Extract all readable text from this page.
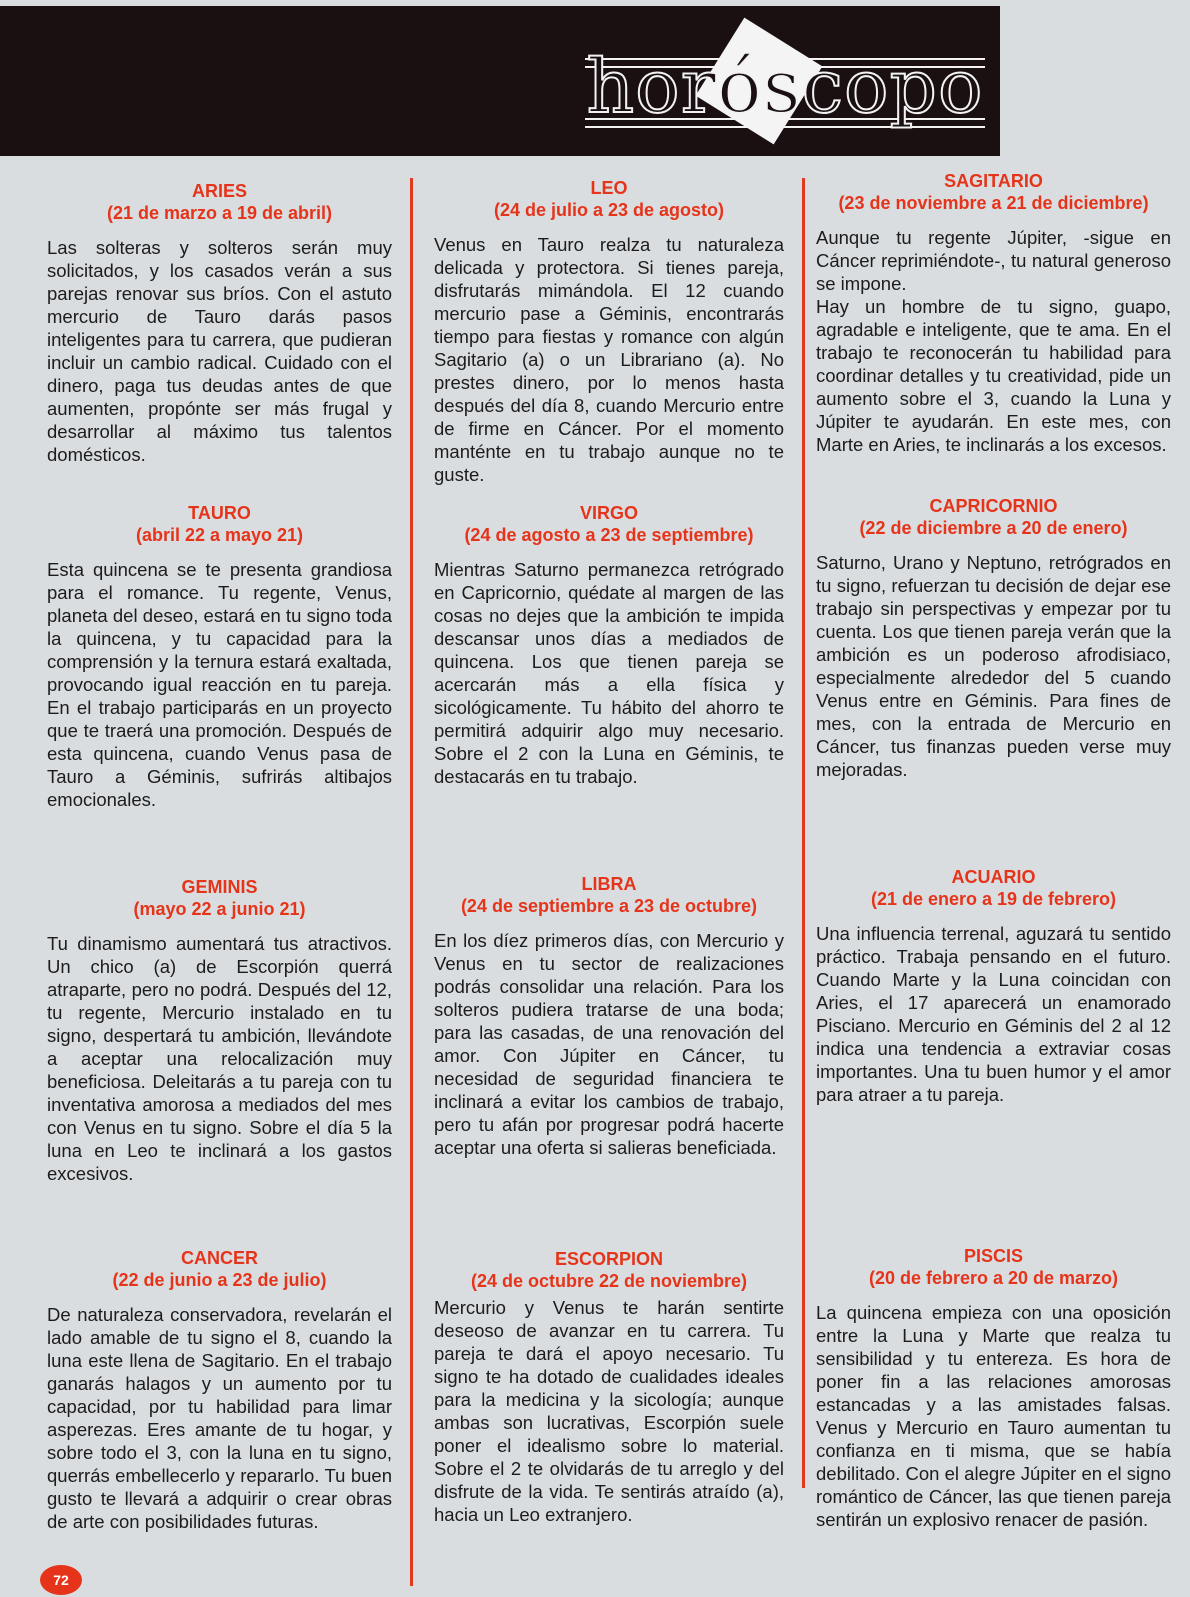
horóscopo

ARIES

(21 de marzo a 19 de abril)

Las solteras y solteros serán muy solicitados, y los casados verán a sus parejas renovar sus bríos. Con el astuto mercurio de Tauro darás pasos inteligentes para tu carrera, que pudieran incluir un cambio radical. Cuidado con el dinero, paga tus deudas antes de que aumenten, propónte ser más frugal y desarrollar al máximo tus talentos domésticos.

TAURO

(abril 22 a mayo 21)

Esta quincena se te presenta grandiosa para el romance. Tu regente, Venus, planeta del deseo, estará en tu signo toda la quincena, y tu capacidad para la comprensión y la ternura estará exaltada, provocando igual reacción en tu pareja. En el trabajo participarás en un proyecto que te traerá una promoción. Después de esta quincena, cuando Venus pasa de Tauro a Géminis, sufrirás altibajos emocionales.

GEMINIS

(mayo 22 a junio 21)

Tu dinamismo aumentará tus atractivos. Un chico (a) de Escorpión querrá atraparte, pero no podrá. Después del 12, tu regente, Mercurio instalado en tu signo, despertará tu ambición, llevándote a aceptar una relocalización muy beneficiosa. Deleitarás a tu pareja con tu inventativa amorosa a mediados del mes con Venus en tu signo. Sobre el día 5 la luna en Leo te inclinará a los gastos excesivos.

CANCER

(22 de junio a 23 de julio)

De naturaleza conservadora, revelarán el lado amable de tu signo el 8, cuando la luna este llena de Sagitario. En el trabajo ganarás halagos y un aumento por tu capacidad, por tu habilidad para limar asperezas. Eres amante de tu hogar, y sobre todo el 3, con la luna en tu signo, querrás embellecerlo y repararlo. Tu buen gusto te llevará a adquirir o crear obras de arte con posibilidades futuras.

LEO

(24 de julio a 23 de agosto)

Venus en Tauro realza tu naturaleza delicada y protectora. Si tienes pareja, disfrutarás mimándola. El 12 cuando mercurio pase a Géminis, encontrarás tiempo para fiestas y romance con algún Sagitario (a) o un Librariano (a). No prestes dinero, por lo menos hasta después del día 8, cuando Mercurio entre de firme en Cáncer. Por el momento manténte en tu trabajo aunque no te guste.

VIRGO

(24 de agosto a 23 de septiembre)

Mientras Saturno permanezca retrógrado en Capricornio, quédate al margen de las cosas no dejes que la ambición te impida descansar unos días a mediados de quincena. Los que tienen pareja se acercarán más a ella física y sicológicamente. Tu hábito del ahorro te permitirá adquirir algo muy necesario. Sobre el 2 con la Luna en Géminis, te destacarás en tu trabajo.

LIBRA

(24 de septiembre a 23 de octubre)

En los díez primeros días, con Mercurio y Venus en tu sector de realizaciones podrás consolidar una relación. Para los solteros pudiera tratarse de una boda; para las casadas, de una renovación del amor. Con Júpiter en Cáncer, tu necesidad de seguridad financiera te inclinará a evitar los cambios de trabajo, pero tu afán por progresar podrá hacerte aceptar una oferta si salieras beneficiada.

ESCORPION

(24 de octubre 22 de noviembre)

Mercurio y Venus te harán sentirte deseoso de avanzar en tu carrera. Tu pareja te dará el apoyo necesario. Tu signo te ha dotado de cualidades ideales para la medicina y la sicología; aunque ambas son lucrativas, Escorpión suele poner el idealismo sobre lo material. Sobre el 2 te olvidarás de tu arreglo y del disfrute de la vida. Te sentirás atraído (a), hacia un Leo extranjero.

SAGITARIO

(23 de noviembre a 21 de diciembre)

Aunque tu regente Júpiter, -sigue en Cáncer reprimiéndote-, tu natural generoso se impone.
Hay un hombre de tu signo, guapo, agradable e inteligente, que te ama. En el trabajo te reconocerán tu habilidad para coordinar detalles y tu creatividad, pide un aumento sobre el 3, cuando la Luna y Júpiter te ayudarán. En este mes, con Marte en Aries, te inclinarás a los excesos.

CAPRICORNIO

(22 de diciembre a 20 de enero)

Saturno, Urano y Neptuno, retrógrados en tu signo, refuerzan tu decisión de dejar ese trabajo sin perspectivas y empezar por tu cuenta. Los que tienen pareja verán que la ambición es un poderoso afrodisiaco, especialmente alrededor del 5 cuando Venus entre en Géminis. Para fines de mes, con la entrada de Mercurio en Cáncer, tus finanzas pueden verse muy mejoradas.

ACUARIO

(21 de enero a 19 de febrero)

Una influencia terrenal, aguzará tu sentido práctico. Trabaja pensando en el futuro. Cuando Marte y la Luna coincidan con Aries, el 17 aparecerá un enamorado Pisciano. Mercurio en Géminis del 2 al 12 indica una tendencia a extraviar cosas importantes. Una tu buen humor y el amor para atraer a tu pareja.

PISCIS

(20 de febrero a 20 de marzo)

La quincena empieza con una oposición entre la Luna y Marte que realza tu sensibilidad y tu entereza. Es hora de poner fin a las relaciones amorosas estancadas y a las amistades falsas. Venus y Mercurio en Tauro aumentan tu confianza en ti misma, que se había debilitado. Con el alegre Júpiter en el signo romántico de Cáncer, las que tienen pareja sentirán un explosivo renacer de pasión.

72
